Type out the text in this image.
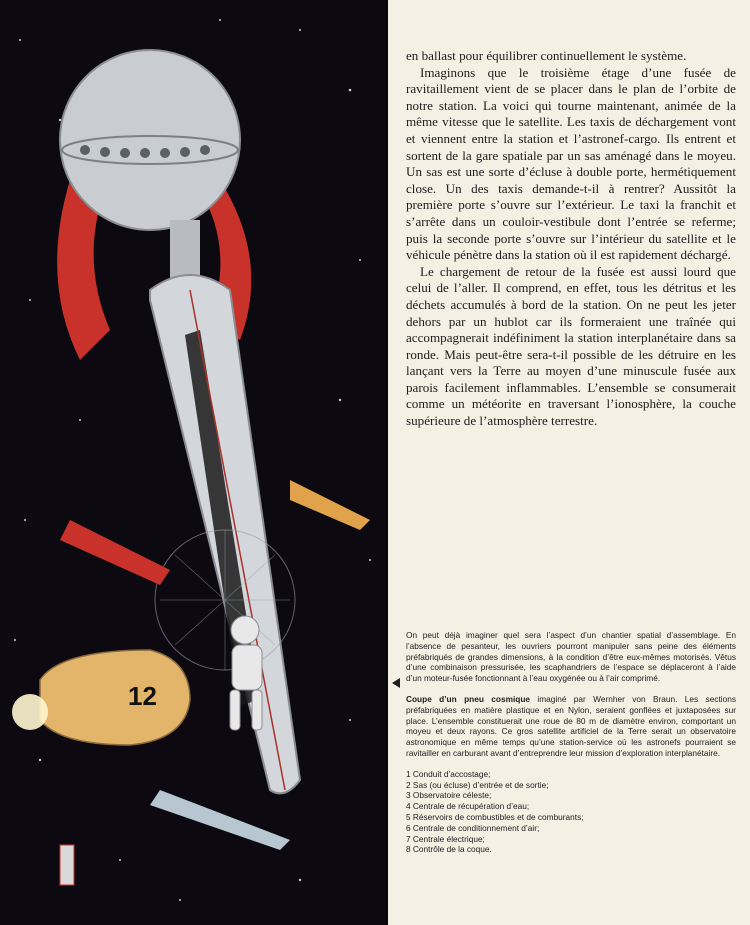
12

en ballast pour équilibrer continuellement le système.

Imaginons que le troisième étage d’une fusée de ravitaillement vient de se placer dans le plan de l’orbite de notre station. La voici qui tourne maintenant, animée de la même vitesse que le satellite. Les taxis de déchargement vont et viennent entre la station et l’astronef-cargo. Ils entrent et sortent de la gare spatiale par un sas aménagé dans le moyeu. Un sas est une sorte d’écluse à double porte, hermétiquement close. Un des taxis demande-t-il à rentrer? Aussitôt la première porte s’ouvre sur l’extérieur. Le taxi la franchit et s’arrête dans un couloir-vestibule dont l’entrée se referme; puis la seconde porte s’ouvre sur l’intérieur du satellite et le véhicule pénètre dans la station où il est rapidement déchargé.

Le chargement de retour de la fusée est aussi lourd que celui de l’aller. Il comprend, en effet, tous les détritus et les déchets accumulés à bord de la station. On ne peut les jeter dehors par un hublot car ils formeraient une traînée qui accompagnerait indéfiniment la station interplanétaire dans sa ronde. Mais peut-être sera-t-il possible de les détruire en les lançant vers la Terre au moyen d’une minuscule fusée aux parois facilement inflammables. L’ensemble se consumerait comme un météorite en traversant l’ionosphère, la couche supérieure de l’atmosphère terrestre.

On peut déjà imaginer quel sera l’aspect d’un chantier spatial d’assemblage. En l’absence de pesanteur, les ouvriers pourront manipuler sans peine des éléments préfabriqués de grandes dimensions, à la condition d’être eux-mêmes motorisés. Vêtus d’une combinaison pressurisée, les scaphandriers de l’espace se déplaceront à l’aide d’un moteur-fusée fonctionnant à l’eau oxygénée ou à l’air comprimé.

Coupe d’un pneu cosmique imaginé par Wernher von Braun. Les sections préfabriquées en matière plastique et en Nylon, seraient gonflées et juxtaposées sur place. L’ensemble constituerait une roue de 80 m de diamètre environ, comportant un moyeu et deux rayons. Ce gros satellite artificiel de la Terre serait un observatoire astronomique en même temps qu’une station-service où les astronefs pourraient se ravitailler en carburant avant d’entreprendre leur mission d’exploration interplanétaire.

1 Conduit d’accostage;
2 Sas (ou écluse) d’entrée et de sortie;
3 Observatoire céleste;
4 Centrale de récupération d’eau;
5 Réservoirs de combustibles et de comburants;
6 Centrale de conditionnement d’air;
7 Centrale électrique;
8 Contrôle de la coque.
